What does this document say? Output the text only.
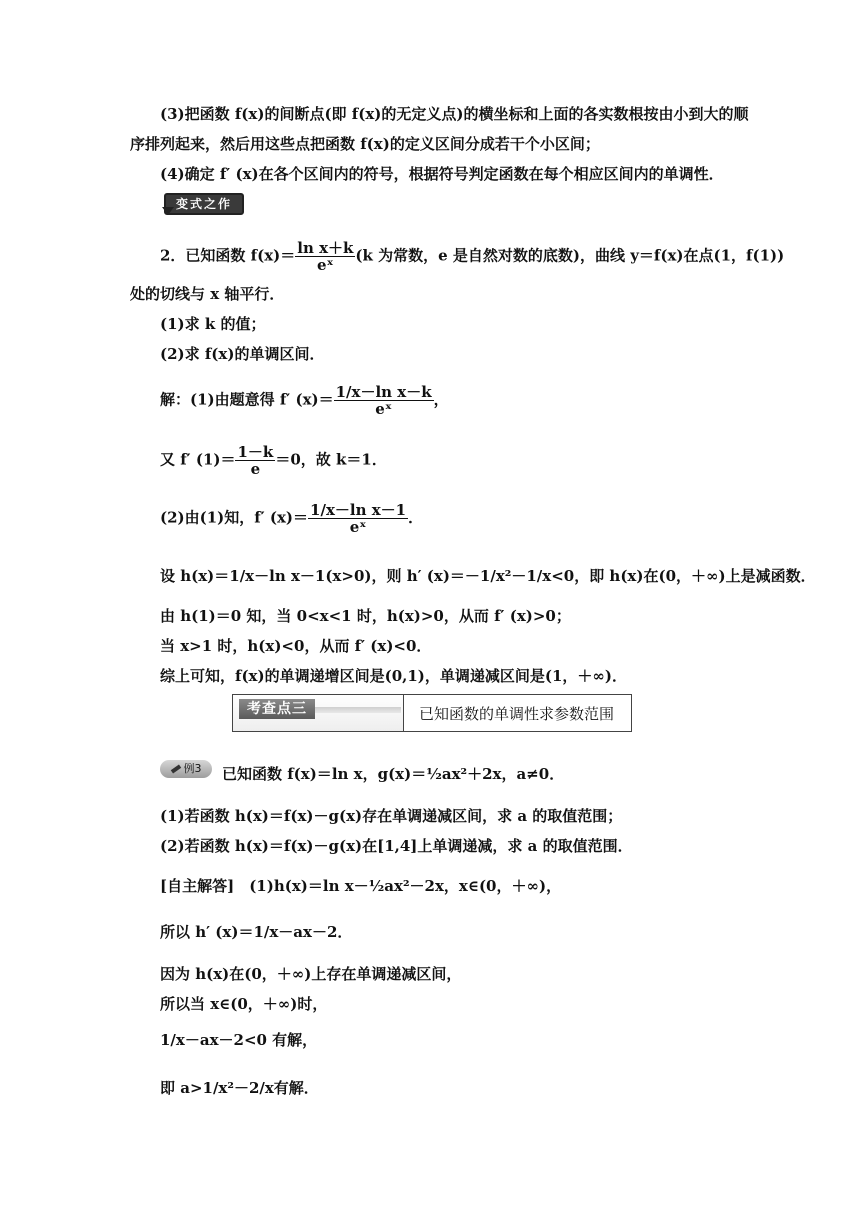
(3)把函数 f(x)的间断点(即 f(x)的无定义点)的横坐标和上面的各实数根按由小到大的顺
序排列起来，然后用这些点把函数 f(x)的定义区间分成若干个小区间；
(4)确定 f′ (x)在各个区间内的符号，根据符号判定函数在每个相应区间内的单调性．
变式之作
2．已知函数 $f(x)= \frac{\text{ln x＋k}}{\text{eˣ}} (k$ 为常数，e 是自然对数的底数)，曲线 y＝f(x)在点(1，f(1))
处的切线与 x 轴平行．
(1)求 k 的值；
(2)求 f(x)的单调区间．
解：(1)由题意得 f′ $(x)= \frac{\text{1/x－ln x－k}}{\text{eˣ}}$ ，
又 f′ $(1)= \frac{1-k}{e} =0$，故 k＝1．
(2)由(1)知，f′ $(x)= \frac{\text{1/x－ln x－1}}{\text{eˣ}}$ ．
设 h(x)＝1/x－ln x－1(x>0)，则 h′ (x)＝－1/x²－1/x<0，即 h(x)在(0，＋∞)上是减函数．
由 h(1)＝0 知，当 0<x<1 时，h(x)>0，从而 f′ (x)>0；
当 x>1 时，h(x)<0，从而 f′ (x)<0．
综上可知，f(x)的单调递增区间是(0,1)，单调递减区间是(1，＋∞)．
考查点三	已知函数的单调性求参数范围
例3	已知函数 f(x)＝ln x，g(x)＝½ax²＋2x，a≠0．
(1)若函数 h(x)＝f(x)－g(x)存在单调递减区间，求 a 的取值范围；
(2)若函数 h(x)＝f(x)－g(x)在[1,4]上单调递减，求 a 的取值范围．
[自主解答]　(1)h(x)＝ln x－½ax²－2x，x∈(0，＋∞)，
所以 h′ (x)＝1/x－ax－2．
因为 h(x)在(0，＋∞)上存在单调递减区间，
所以当 x∈(0，＋∞)时，
1/x－ax－2<0 有解，
即 a>1/x²－2/x有解．
